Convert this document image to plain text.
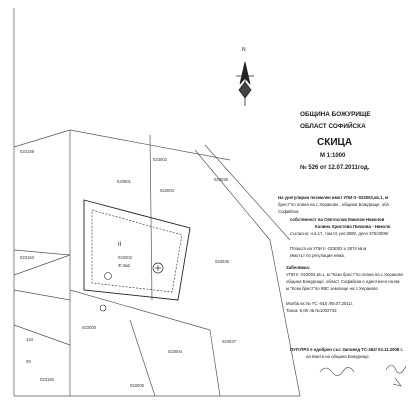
N
ОБЩИНА БОЖУРИЩЕ
ОБЛАСТ СОФИЙСКА
СКИЦА
М 1:1000
№ 526 от 12.07.2011год.
На урегулиран поземлен имот УПИ II -023002,кв.1, м
брест"по плана на с.Хераково , община Божурище, обл
Софийска.
собственост на Светослав Емилов Николов
Калина Христова Пичкова - Николо
съгласно: н.а.17, том III, рег.3508, дело 376/2009г
Площта на УПИ II -023002 е 2874 кв.м
Имотът по регулация няма.
Забележка:
УПИ II -023002,кв.1, м."Кози брест"по плана на с.Хераково
община Божурище, област Софийска е идентичен на им
м."Кози брест"по КВС землище на с.Хераково
Молба вх.№ ТС -910 /05.07.2011г.
Такса: 5,00 лв.№1002743
ПУП-ПРЗ е одобрен със Заповед ТС-362/ 03.11.2008 г.
на Кмета на община Божурище
023159
023001	023036
023003
023002
023163
II
023002
Ф.Зм2
023035
023000
023004
023037
134
09
023180
023005
